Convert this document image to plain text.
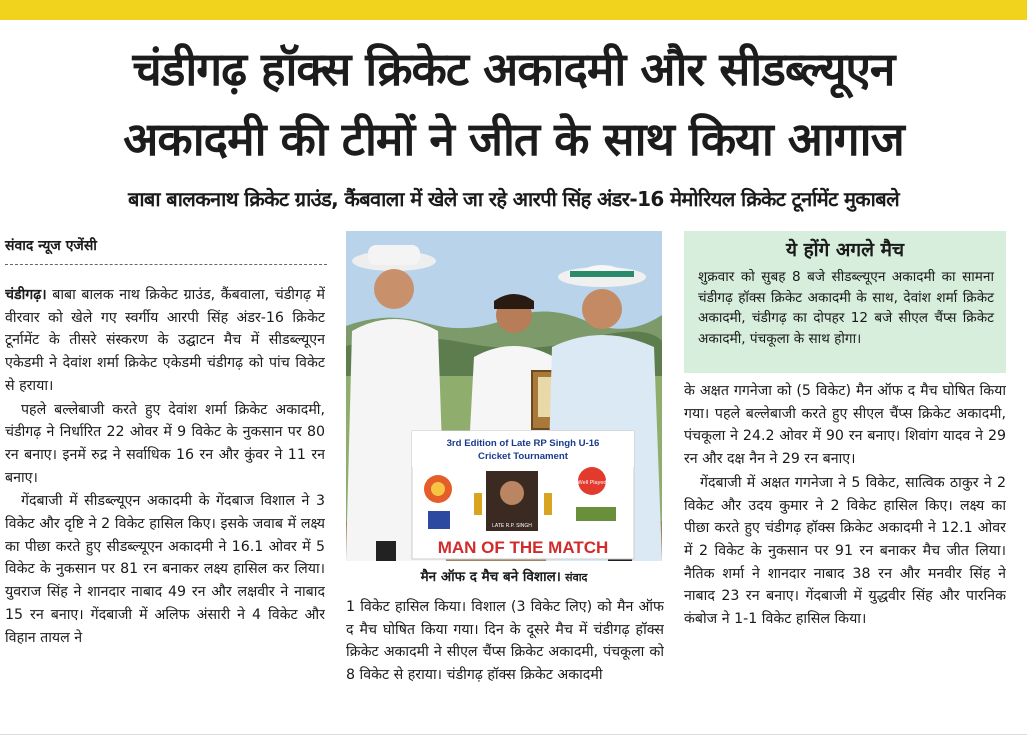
चंडीगढ़ हॉक्स क्रिकेट अकादमी और सीडब्ल्यूएन
अकादमी की टीमों ने जीत के साथ किया आगाज
बाबा बालकनाथ क्रिकेट ग्राउंड, कैंबवाला में खेले जा रहे आरपी सिंह अंडर-16 मेमोरियल क्रिकेट टूर्नामेंट मुकाबले
संवाद न्यूज एजेंसी

चंडीगढ़। बाबा बालक नाथ क्रिकेट ग्राउंड, कैंबवाला, चंडीगढ़ में वीरवार को खेले गए स्वर्गीय आरपी सिंह अंडर-16 क्रिकेट टूर्नामेंट के तीसरे संस्करण के उद्घाटन मैच में सीडब्ल्यूएन एकेडमी ने देवांश शर्मा क्रिकेट एकेडमी चंडीगढ़ को पांच विकेट से हराया।

पहले बल्लेबाजी करते हुए देवांश शर्मा क्रिकेट अकादमी, चंडीगढ़ ने निर्धारित 22 ओवर में 9 विकेट के नुकसान पर 80 रन बनाए। इनमें रुद्र ने सर्वाधिक 16 रन और कुंवर ने 11 रन बनाए।

गेंदबाजी में सीडब्ल्यूएन अकादमी के गेंदबाज विशाल ने 3 विकेट और दृष्टि ने 2 विकेट हासिल किए। इसके जवाब में लक्ष्य का पीछा करते हुए सीडब्ल्यूएन अकादमी ने 16.1 ओवर में 5 विकेट के नुकसान पर 81 रन बनाकर लक्ष्य हासिल कर लिया। युवराज सिंह ने शानदार नाबाद 49 रन और लक्षवीर ने नाबाद 15 रन बनाए। गेंदबाजी में अलिफ अंसारी ने 4 विकेट और विहान तायल ने

3rd Edition of Late RP Singh U-16
Cricket Tournament
LATE R.P. SINGH
Well Played
MAN OF THE MATCH
मैन ऑफ द मैच बने विशाल। संवाद

1 विकेट हासिल किया। विशाल (3 विकेट लिए) को मैन ऑफ द मैच घोषित किया गया। दिन के दूसरे मैच में चंडीगढ़ हॉक्स क्रिकेट अकादमी ने सीएल चैंप्स क्रिकेट अकादमी, पंचकूला को 8 विकेट से हराया। चंडीगढ़ हॉक्स क्रिकेट अकादमी

ये होंगे अगले मैच
शुक्रवार को सुबह 8 बजे सीडब्ल्यूएन अकादमी का सामना चंडीगढ़ हॉक्स क्रिकेट अकादमी के साथ, देवांश शर्मा क्रिकेट अकादमी, चंडीगढ़ का दोपहर 12 बजे सीएल चैंप्स क्रिकेट अकादमी, पंचकूला के साथ होगा।

के अक्षत गगनेजा को (5 विकेट) मैन ऑफ द मैच घोषित किया गया। पहले बल्लेबाजी करते हुए सीएल चैंप्स क्रिकेट अकादमी, पंचकूला ने 24.2 ओवर में 90 रन बनाए। शिवांग यादव ने 29 रन और दक्ष नैन ने 29 रन बनाए।

गेंदबाजी में अक्षत गगनेजा ने 5 विकेट, सात्विक ठाकुर ने 2 विकेट और उदय कुमार ने 2 विकेट हासिल किए। लक्ष्य का पीछा करते हुए चंडीगढ़ हॉक्स क्रिकेट अकादमी ने 12.1 ओवर में 2 विकेट के नुकसान पर 91 रन बनाकर मैच जीत लिया। नैतिक शर्मा ने शानदार नाबाद 38 रन और मनवीर सिंह ने नाबाद 23 रन बनाए। गेंदबाजी में युद्धवीर सिंह और पारनिक कंबोज ने 1-1 विकेट हासिल किया।
